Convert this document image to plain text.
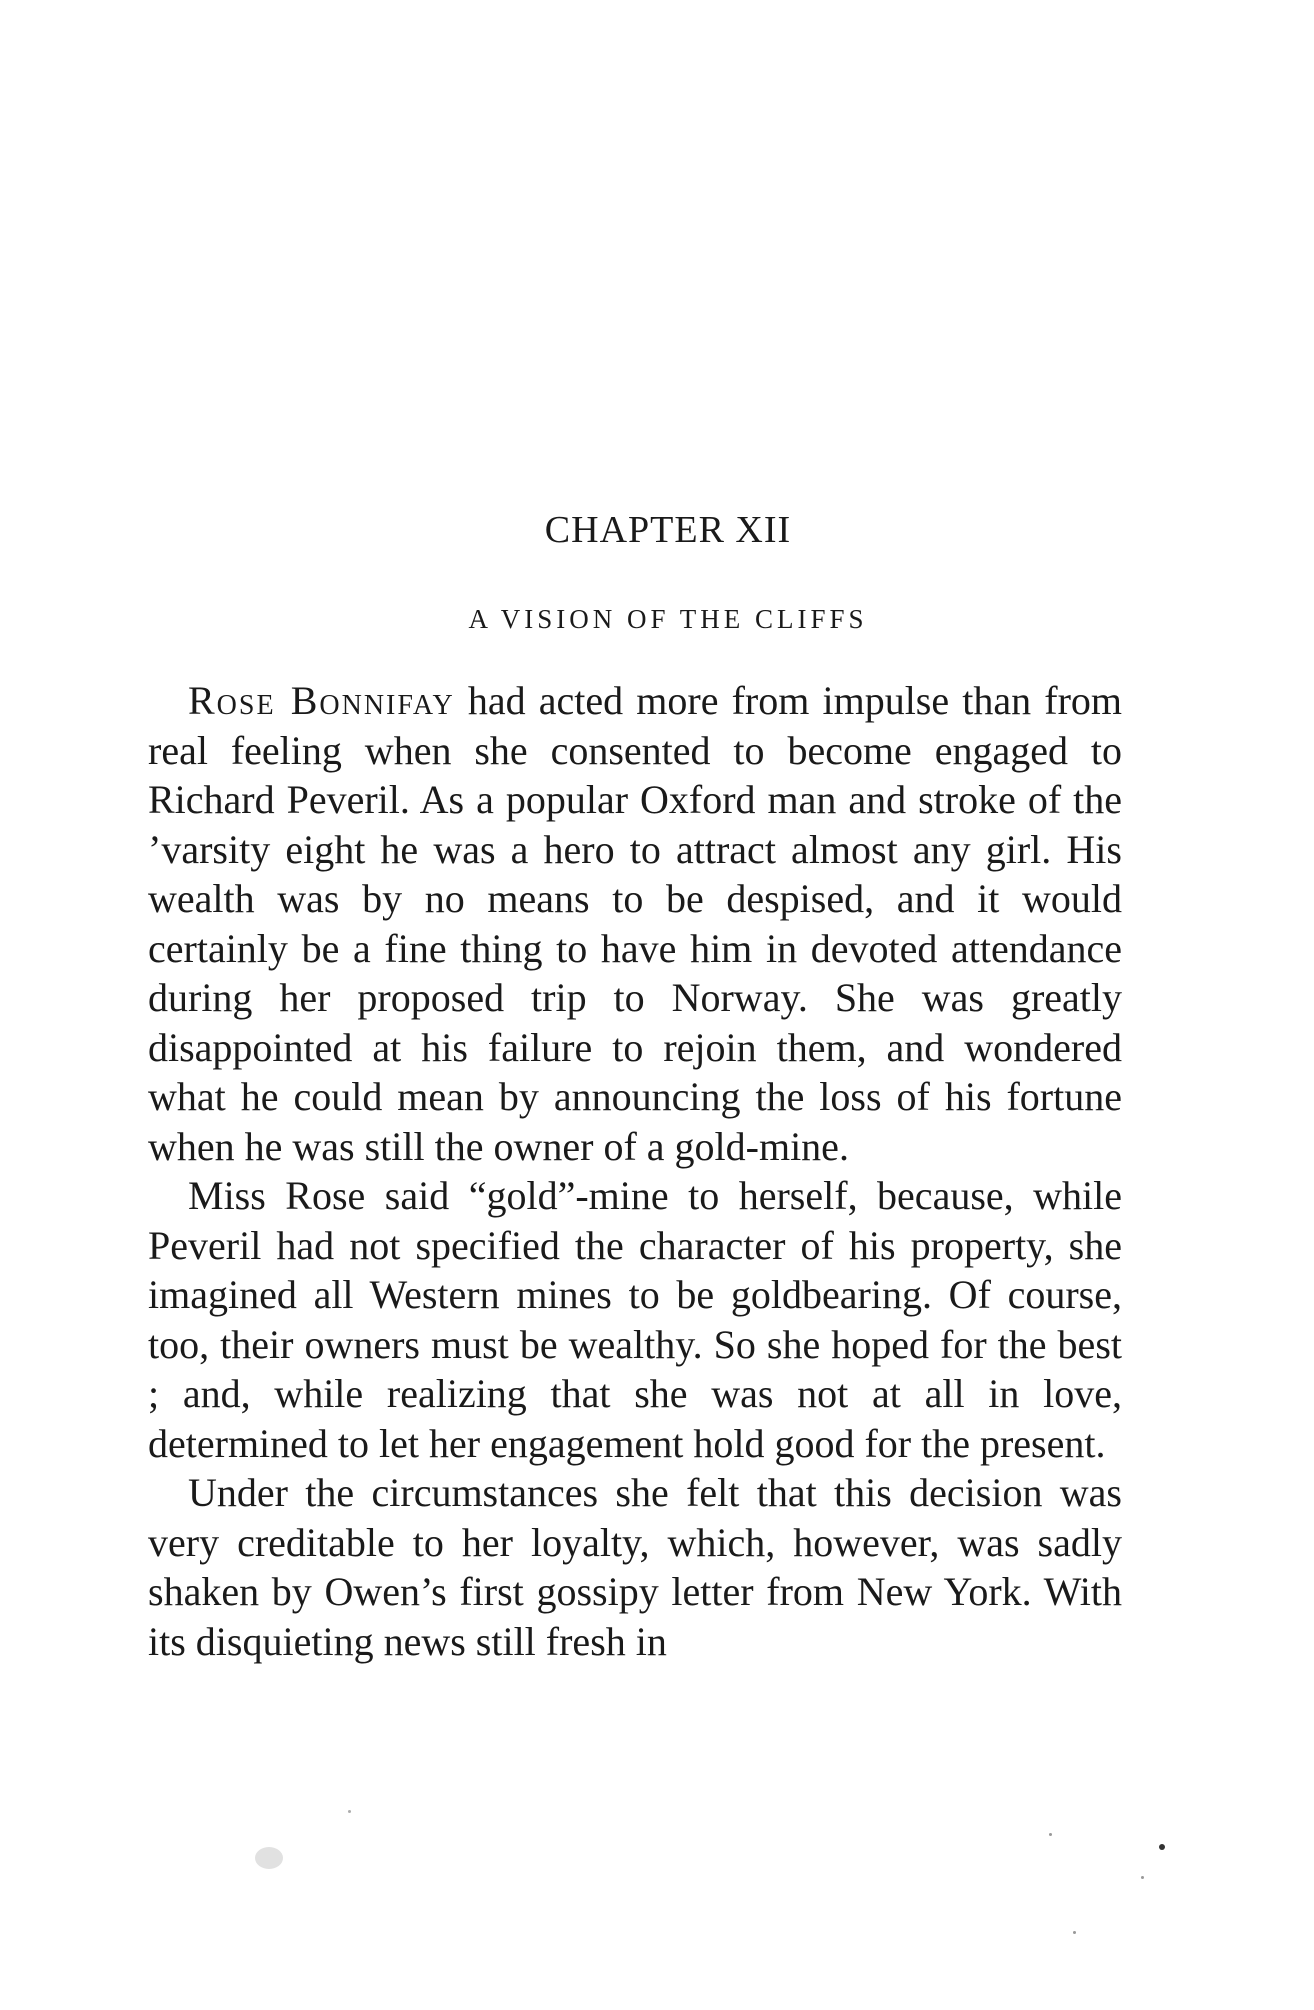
CHAPTER XII
A VISION OF THE CLIFFS

Rose Bonnifay had acted more from impulse than from real feeling when she consented to become engaged to Richard Peveril. As a popular Oxford man and stroke of the ’varsity eight he was a hero to attract almost any girl. His wealth was by no means to be despised, and it would certainly be a fine thing to have him in devoted attendance during her proposed trip to Norway. She was greatly disappointed at his failure to rejoin them, and wondered what he could mean by announcing the loss of his fortune when he was still the owner of a gold-mine.

Miss Rose said “gold”-mine to herself, because, while Peveril had not specified the character of his property, she imagined all Western mines to be goldbearing. Of course, too, their owners must be wealthy. So she hoped for the best ; and, while realizing that she was not at all in love, determined to let her engagement hold good for the present.

Under the circumstances she felt that this decision was very creditable to her loyalty, which, however, was sadly shaken by Owen’s first gossipy letter from New York. With its disquieting news still fresh in
